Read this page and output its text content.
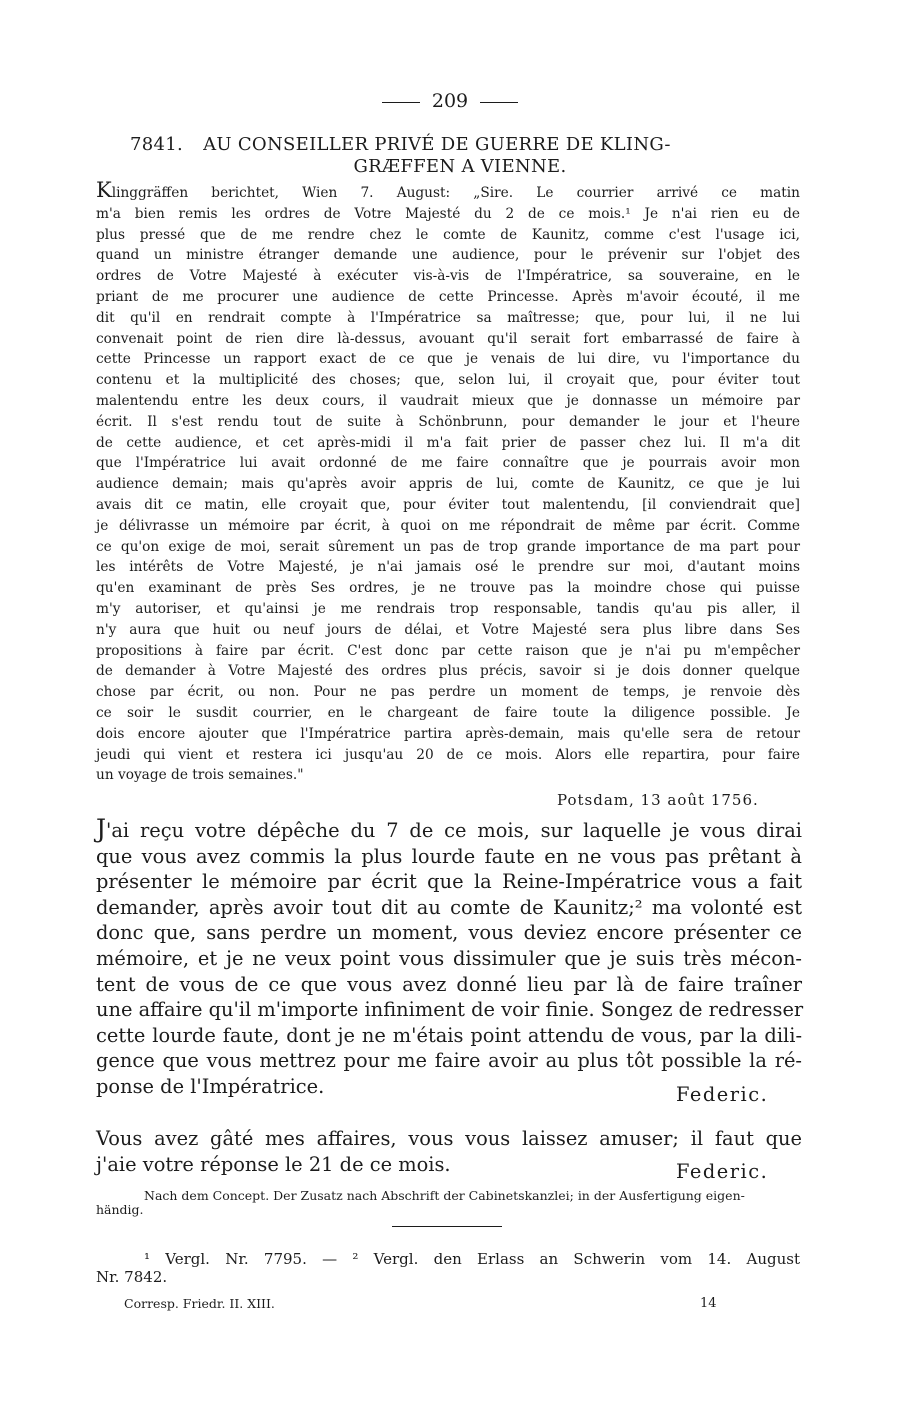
209
7841. AU CONSEILLER PRIVÉ DE GUERRE DE KLING-
GRÆFFEN A VIENNE.
Klinggräffen berichtet, Wien 7. August: „Sire. Le courrier arrivé ce matin
m'a bien remis les ordres de Votre Majesté du 2 de ce mois.¹ Je n'ai rien eu de
plus pressé que de me rendre chez le comte de Kaunitz, comme c'est l'usage ici,
quand un ministre étranger demande une audience, pour le prévenir sur l'objet des
ordres de Votre Majesté à exécuter vis-à-vis de l'Impératrice, sa souveraine, en le
priant de me procurer une audience de cette Princesse. Après m'avoir écouté, il me
dit qu'il en rendrait compte à l'Impératrice sa maîtresse; que, pour lui, il ne lui
convenait point de rien dire là-dessus, avouant qu'il serait fort embarrassé de faire à
cette Princesse un rapport exact de ce que je venais de lui dire, vu l'importance du
contenu et la multiplicité des choses; que, selon lui, il croyait que, pour éviter tout
malentendu entre les deux cours, il vaudrait mieux que je donnasse un mémoire par
écrit. Il s'est rendu tout de suite à Schönbrunn, pour demander le jour et l'heure
de cette audience, et cet après-midi il m'a fait prier de passer chez lui. Il m'a dit
que l'Impératrice lui avait ordonné de me faire connaître que je pourrais avoir mon
audience demain; mais qu'après avoir appris de lui, comte de Kaunitz, ce que je lui
avais dit ce matin, elle croyait que, pour éviter tout malentendu, [il conviendrait que]
je délivrasse un mémoire par écrit, à quoi on me répondrait de même par écrit. Comme
ce qu'on exige de moi, serait sûrement un pas de trop grande importance de ma part pour
les intérêts de Votre Majesté, je n'ai jamais osé le prendre sur moi, d'autant moins
qu'en examinant de près Ses ordres, je ne trouve pas la moindre chose qui puisse
m'y autoriser, et qu'ainsi je me rendrais trop responsable, tandis qu'au pis aller, il
n'y aura que huit ou neuf jours de délai, et Votre Majesté sera plus libre dans Ses
propositions à faire par écrit. C'est donc par cette raison que je n'ai pu m'empêcher
de demander à Votre Majesté des ordres plus précis, savoir si je dois donner quelque
chose par écrit, ou non. Pour ne pas perdre un moment de temps, je renvoie dès
ce soir le susdit courrier, en le chargeant de faire toute la diligence possible. Je
dois encore ajouter que l'Impératrice partira après-demain, mais qu'elle sera de retour
jeudi qui vient et restera ici jusqu'au 20 de ce mois. Alors elle repartira, pour faire
un voyage de trois semaines."
Potsdam, 13 août 1756.
J'ai reçu votre dépêche du 7 de ce mois, sur laquelle je vous dirai
que vous avez commis la plus lourde faute en ne vous pas prêtant à
présenter le mémoire par écrit que la Reine-Impératrice vous a fait
demander, après avoir tout dit au comte de Kaunitz;² ma volonté est
donc que, sans perdre un moment, vous deviez encore présenter ce
mémoire, et je ne veux point vous dissimuler que je suis très mécon-
tent de vous de ce que vous avez donné lieu par là de faire traîner
une affaire qu'il m'importe infiniment de voir finie. Songez de redresser
cette lourde faute, dont je ne m'étais point attendu de vous, par la dili-
gence que vous mettrez pour me faire avoir au plus tôt possible la ré-
ponse de l'Impératrice.	Federic.
Vous avez gâté mes affaires, vous vous laissez amuser; il faut que
j'aie votre réponse le 21 de ce mois.	Federic.
Nach dem Concept. Der Zusatz nach Abschrift der Cabinetskanzlei; in der Ausfertigung eigen-
händig.
¹ Vergl. Nr. 7795. — ² Vergl. den Erlass an Schwerin vom 14. August
Nr. 7842.
Corresp. Friedr. II. XIII.	14
